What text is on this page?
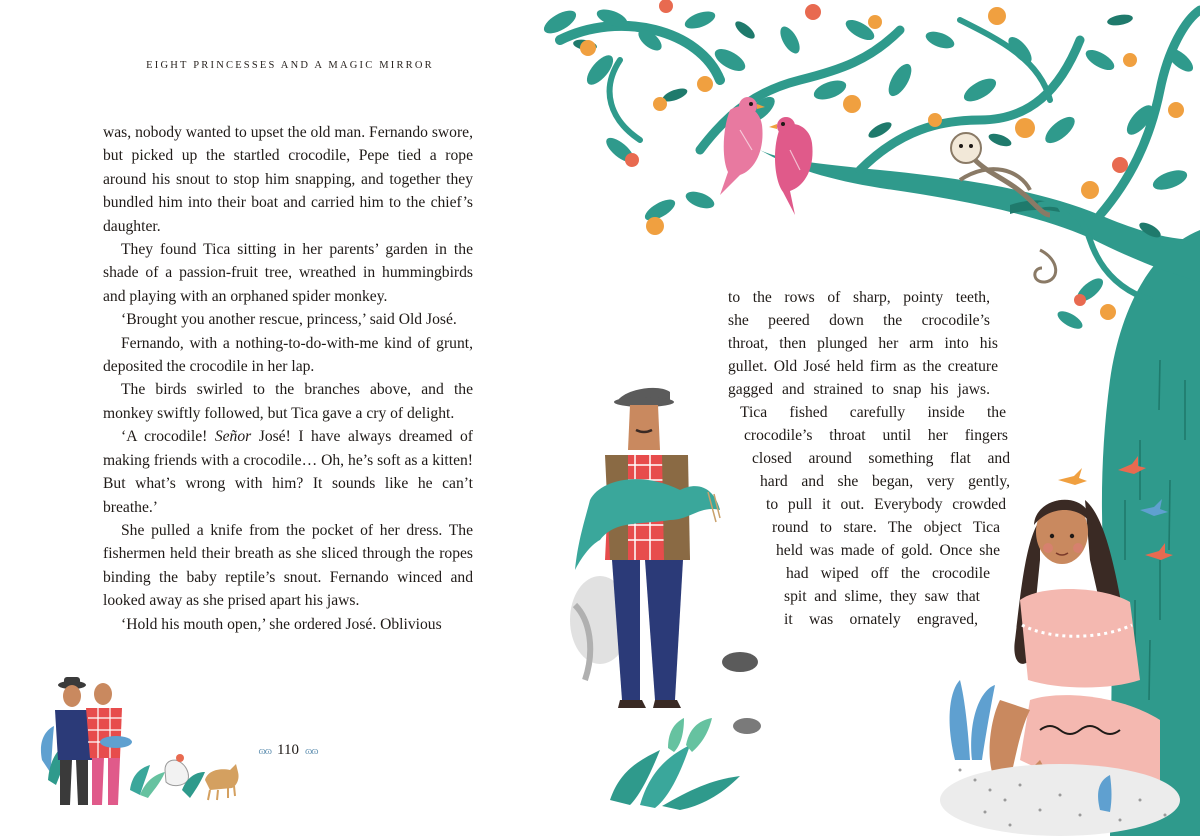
EIGHT PRINCESSES AND A MAGIC MIRROR

was, nobody wanted to upset the old man. Fernando swore, but picked up the startled crocodile, Pepe tied a rope around his snout to stop him snapping, and together they bundled him into their boat and carried him to the chief’s daughter.

They found Tica sitting in her parents’ garden in the shade of a passion-fruit tree, wreathed in hummingbirds and playing with an orphaned spider monkey.

‘Brought you another rescue, princess,’ said Old José.

Fernando, with a nothing-to-do-with-me kind of grunt, deposited the crocodile in her lap.

The birds swirled to the branches above, and the monkey swiftly followed, but Tica gave a cry of delight.

‘A crocodile! Señor José! I have always dreamed of making friends with a crocodile… Oh, he’s soft as a kitten! But what’s wrong with him? It sounds like he can’t breathe.’

She pulled a knife from the pocket of her dress. The fishermen held their breath as she sliced through the ropes binding the baby reptile’s snout. Fernando winced and looked away as she prised apart his jaws.

‘Hold his mouth open,’ she ordered José. Oblivious

to the rows of sharp, pointy teeth,
she peered down the crocodile’s
throat, then plunged her arm into his
gullet. Old José held firm as the creature
gagged and strained to snap his jaws.
Tica fished carefully inside the
crocodile’s throat until her fingers
closed around something flat and
hard and she began, very gently,
to pull it out. Everybody crowded
round to stare. The object Tica
held was made of gold. Once she
had wiped off the crocodile
spit and slime, they saw that
it was ornately engraved,
ɷɷ 110 ɷɷ
